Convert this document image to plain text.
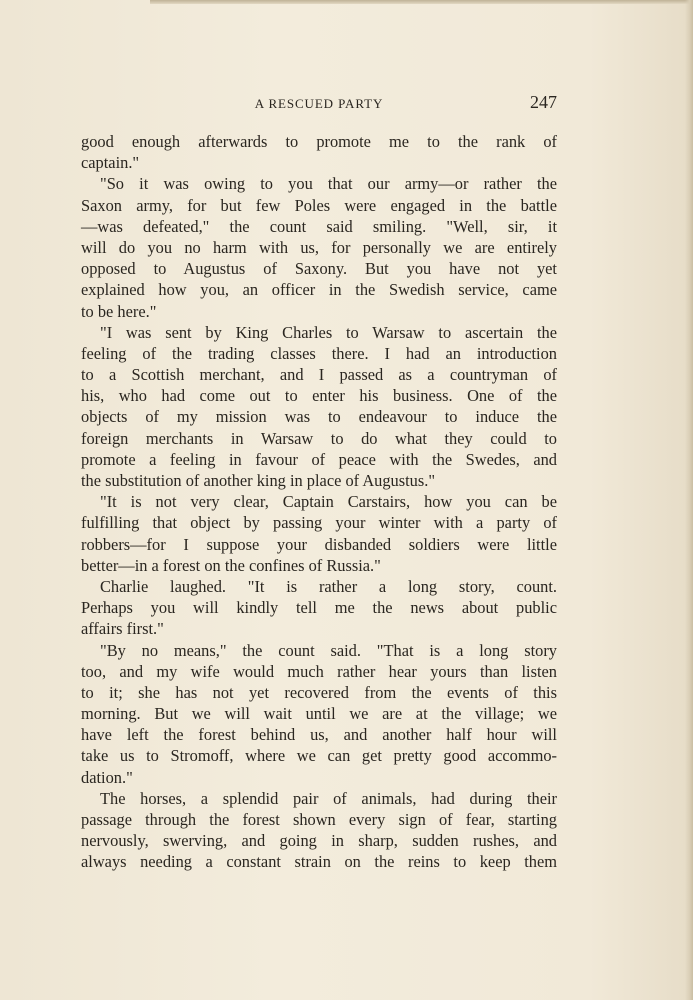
A RESCUED PARTY	247
good enough afterwards to promote me to the rank of
captain."
"So it was owing to you that our army—or rather the
Saxon army, for but few Poles were engaged in the battle
—was defeated," the count said smiling. "Well, sir, it
will do you no harm with us, for personally we are entirely
opposed to Augustus of Saxony. But you have not yet
explained how you, an officer in the Swedish service, came
to be here."
"I was sent by King Charles to Warsaw to ascertain the
feeling of the trading classes there. I had an introduction
to a Scottish merchant, and I passed as a countryman of
his, who had come out to enter his business. One of the
objects of my mission was to endeavour to induce the
foreign merchants in Warsaw to do what they could to
promote a feeling in favour of peace with the Swedes, and
the substitution of another king in place of Augustus."
"It is not very clear, Captain Carstairs, how you can be
fulfilling that object by passing your winter with a party of
robbers—for I suppose your disbanded soldiers were little
better—in a forest on the confines of Russia."
Charlie laughed. "It is rather a long story, count.
Perhaps you will kindly tell me the news about public
affairs first."
"By no means," the count said. "That is a long story
too, and my wife would much rather hear yours than listen
to it; she has not yet recovered from the events of this
morning. But we will wait until we are at the village; we
have left the forest behind us, and another half hour will
take us to Stromoff, where we can get pretty good accommo-
dation."
The horses, a splendid pair of animals, had during their
passage through the forest shown every sign of fear, starting
nervously, swerving, and going in sharp, sudden rushes, and
always needing a constant strain on the reins to keep them
